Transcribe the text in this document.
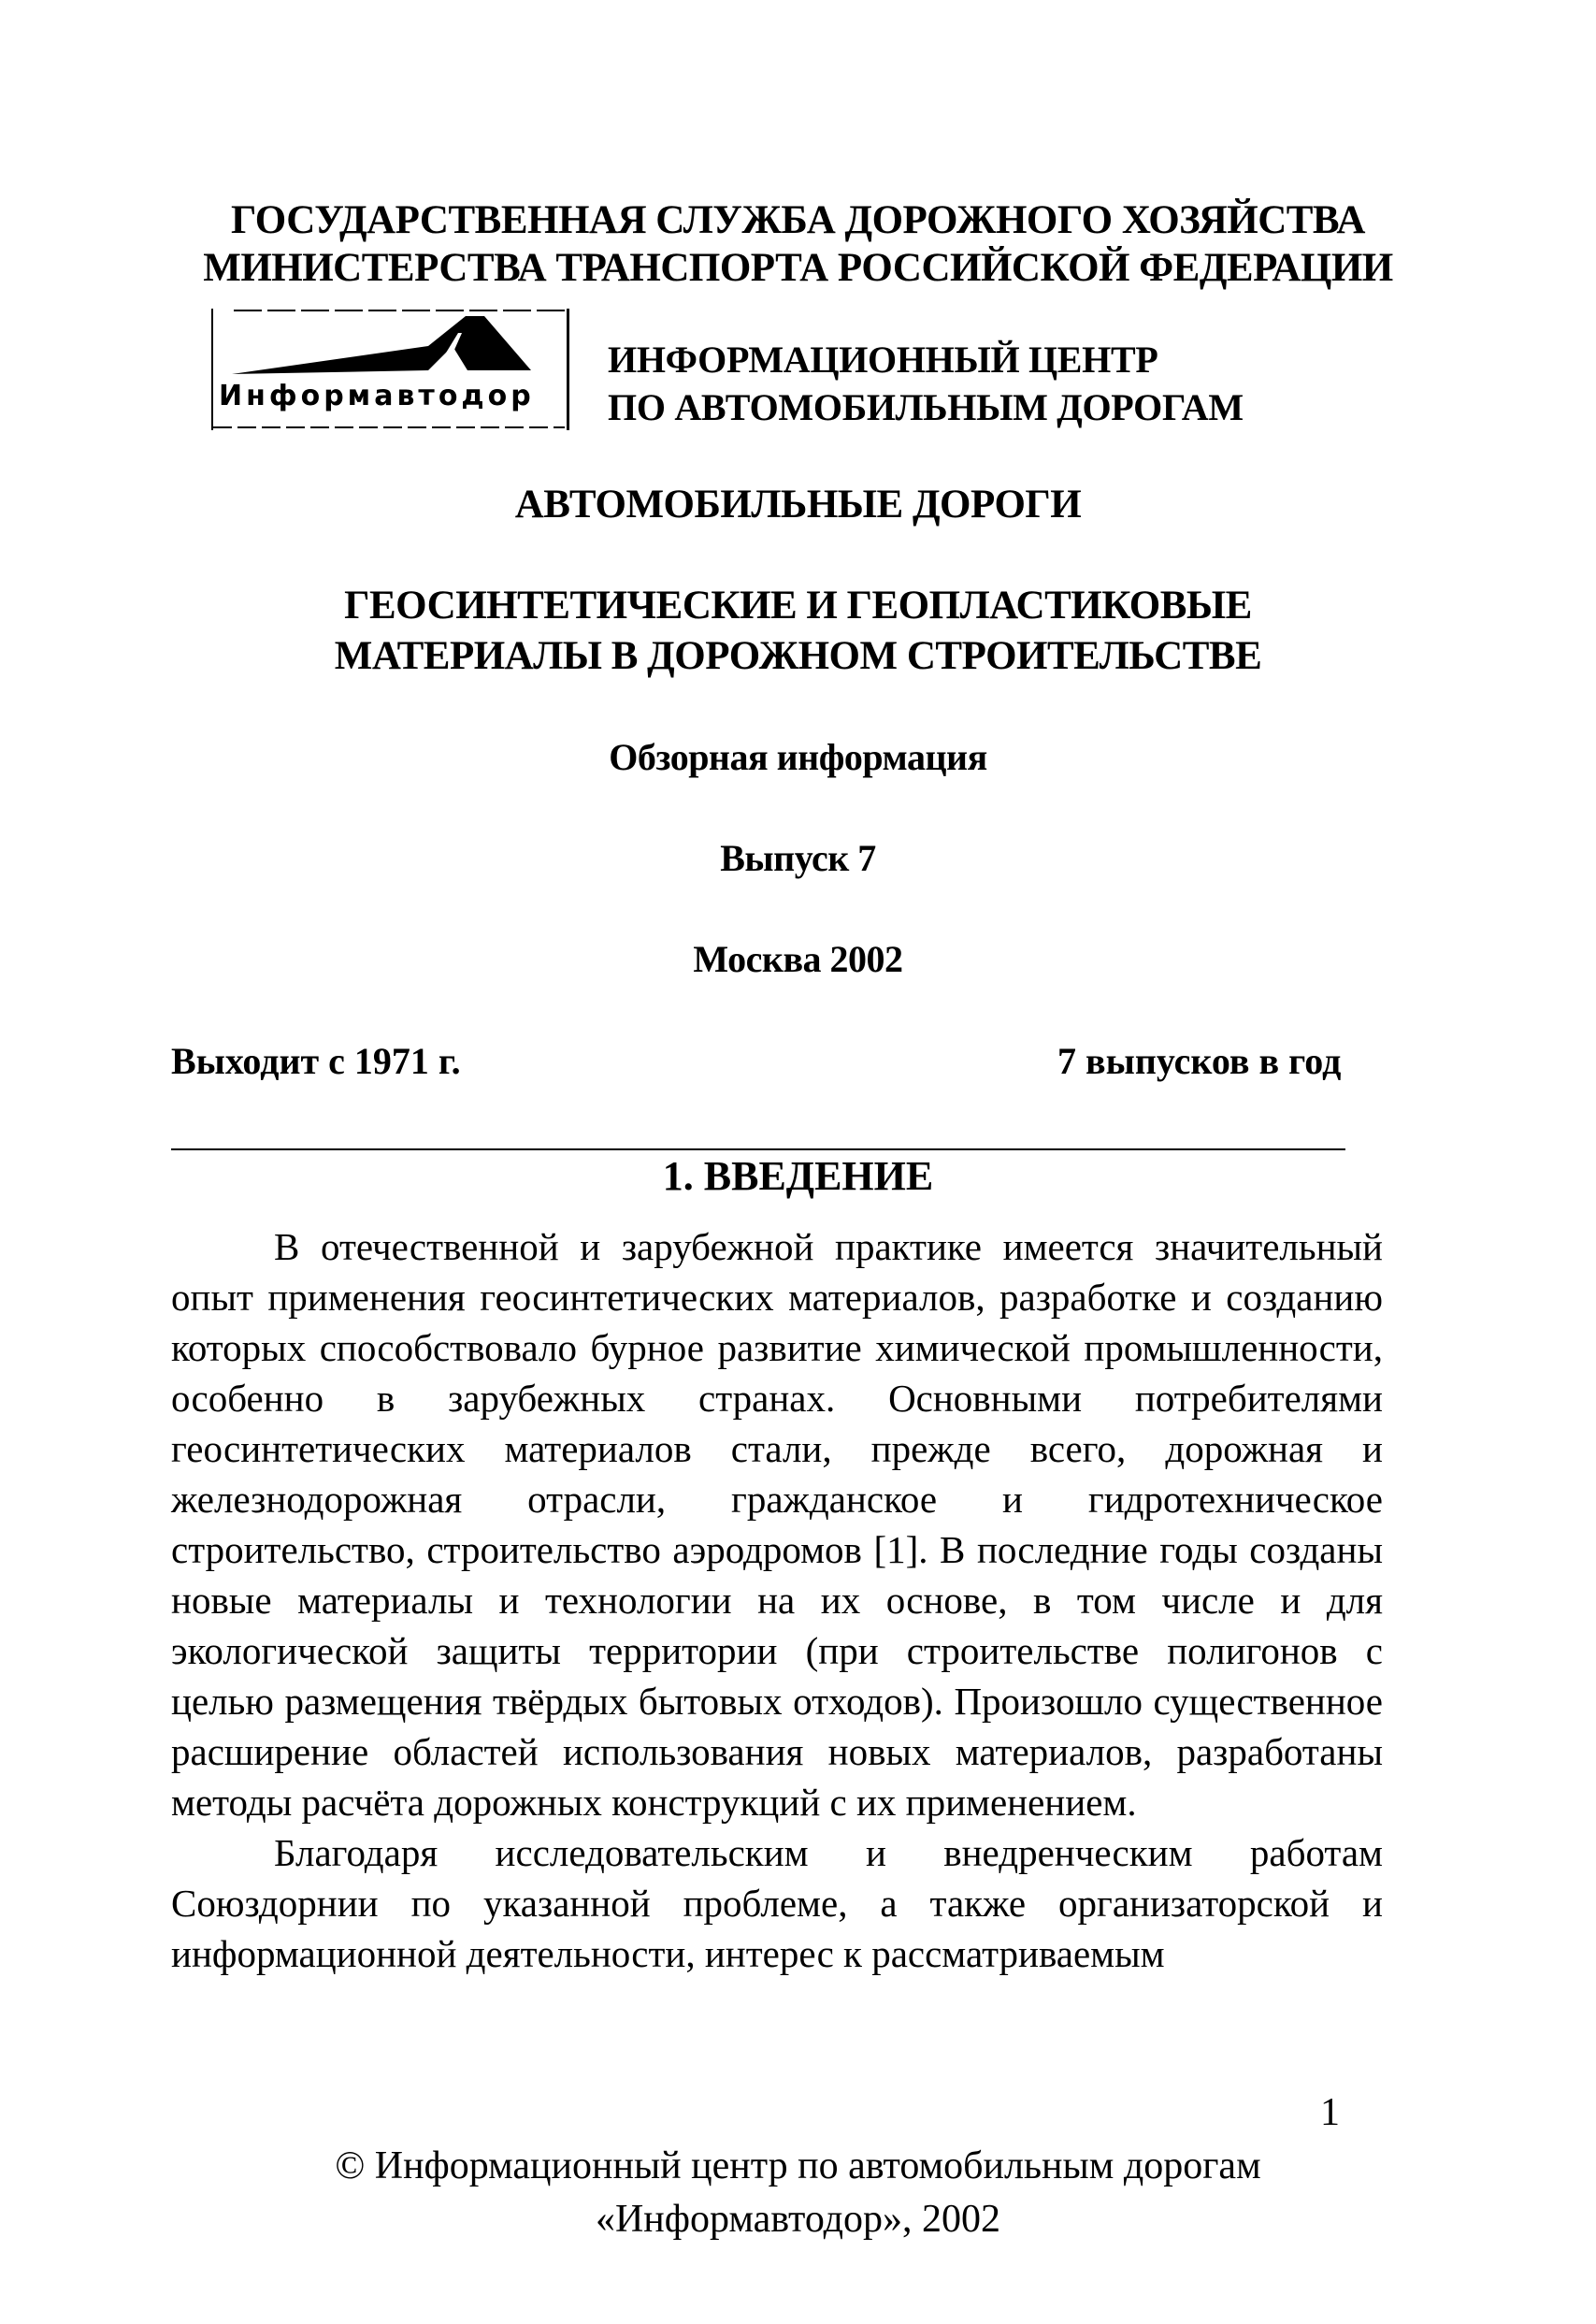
ГОСУДАРСТВЕННАЯ СЛУЖБА ДОРОЖНОГО ХОЗЯЙСТВА
МИНИСТЕРСТВА ТРАНСПОРТА РОССИЙСКОЙ ФЕДЕРАЦИИ
Информавтодор
ИНФОРМАЦИОННЫЙ ЦЕНТР
ПО АВТОМОБИЛЬНЫМ ДОРОГАМ
АВТОМОБИЛЬНЫЕ ДОРОГИ
ГЕОСИНТЕТИЧЕСКИЕ И ГЕОПЛАСТИКОВЫЕ
МАТЕРИАЛЫ В ДОРОЖНОМ СТРОИТЕЛЬСТВЕ
Обзорная информация
Выпуск 7
Москва 2002
Выходит с 1971 г.	7 выпусков в год
1. ВВЕДЕНИЕ

В отечественной и зарубежной практике имеется значительный опыт применения геосинтетических материалов, разработке и созданию которых способствовало бурное развитие химической промышленности, особенно в зарубежных странах. Основными потребителями геосинтетических материалов стали, прежде всего, дорожная и железнодорожная отрасли, гражданское и гидротехническое строительство, строительство аэродромов [1]. В последние годы созданы новые материалы и технологии на их основе, в том числе и для экологической защиты территории (при строительстве полигонов с целью размещения твёрдых бытовых отходов). Произошло существенное расширение областей использования новых материалов, разработаны методы расчёта дорожных конструкций с их применением.

Благодаря исследовательским и внедренческим работам Союздорнии по указанной проблеме, а также организаторской и информационной деятельности, интерес к рассматриваемым

1
© Информационный центр по автомобильным дорогам
«Информавтодор», 2002
